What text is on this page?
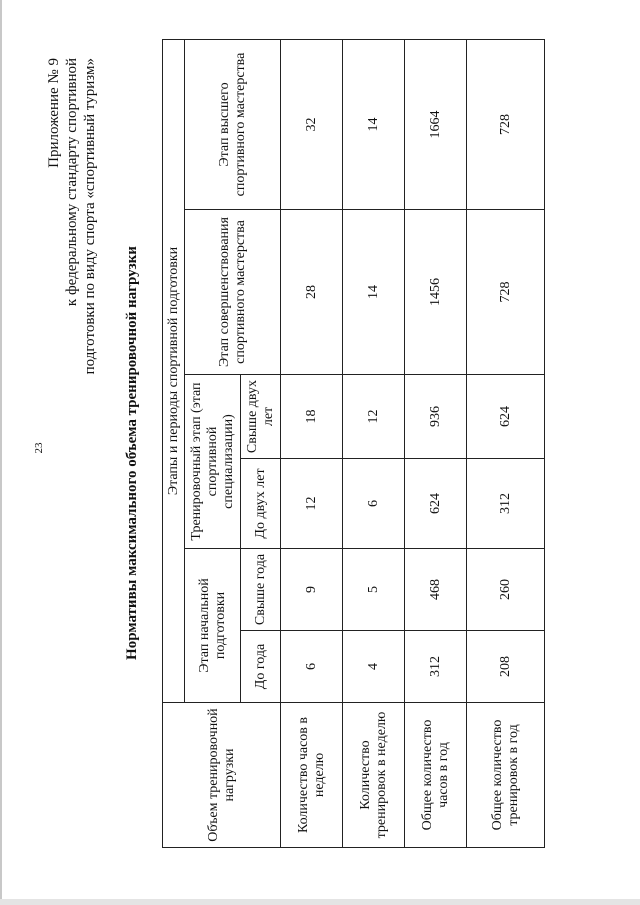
23
Приложение № 9 к федеральному стандарту спортивной подготовки по виду спорта «спортивный туризм»
Нормативы максимального объема тренировочной нагрузки
Объем тренировочной нагрузки	Этапы и периоды спортивной подготовки					
	Этап начальной подготовки		Тренировочный этап (этап спортивной специализации)		Этап совершенствования спортивного мастерства	Этап высшего спортивного мастерства
	До года	Свыше года	До двух лет	Свыше двух лет		
Количество часов в неделю	6	9	12	18	28	32
Количество тренировок в неделю	4	5	6	12	14	14
Общее количество часов в год	312	468	624	936	1456	1664
Общее количество тренировок в год	208	260	312	624	728	728
